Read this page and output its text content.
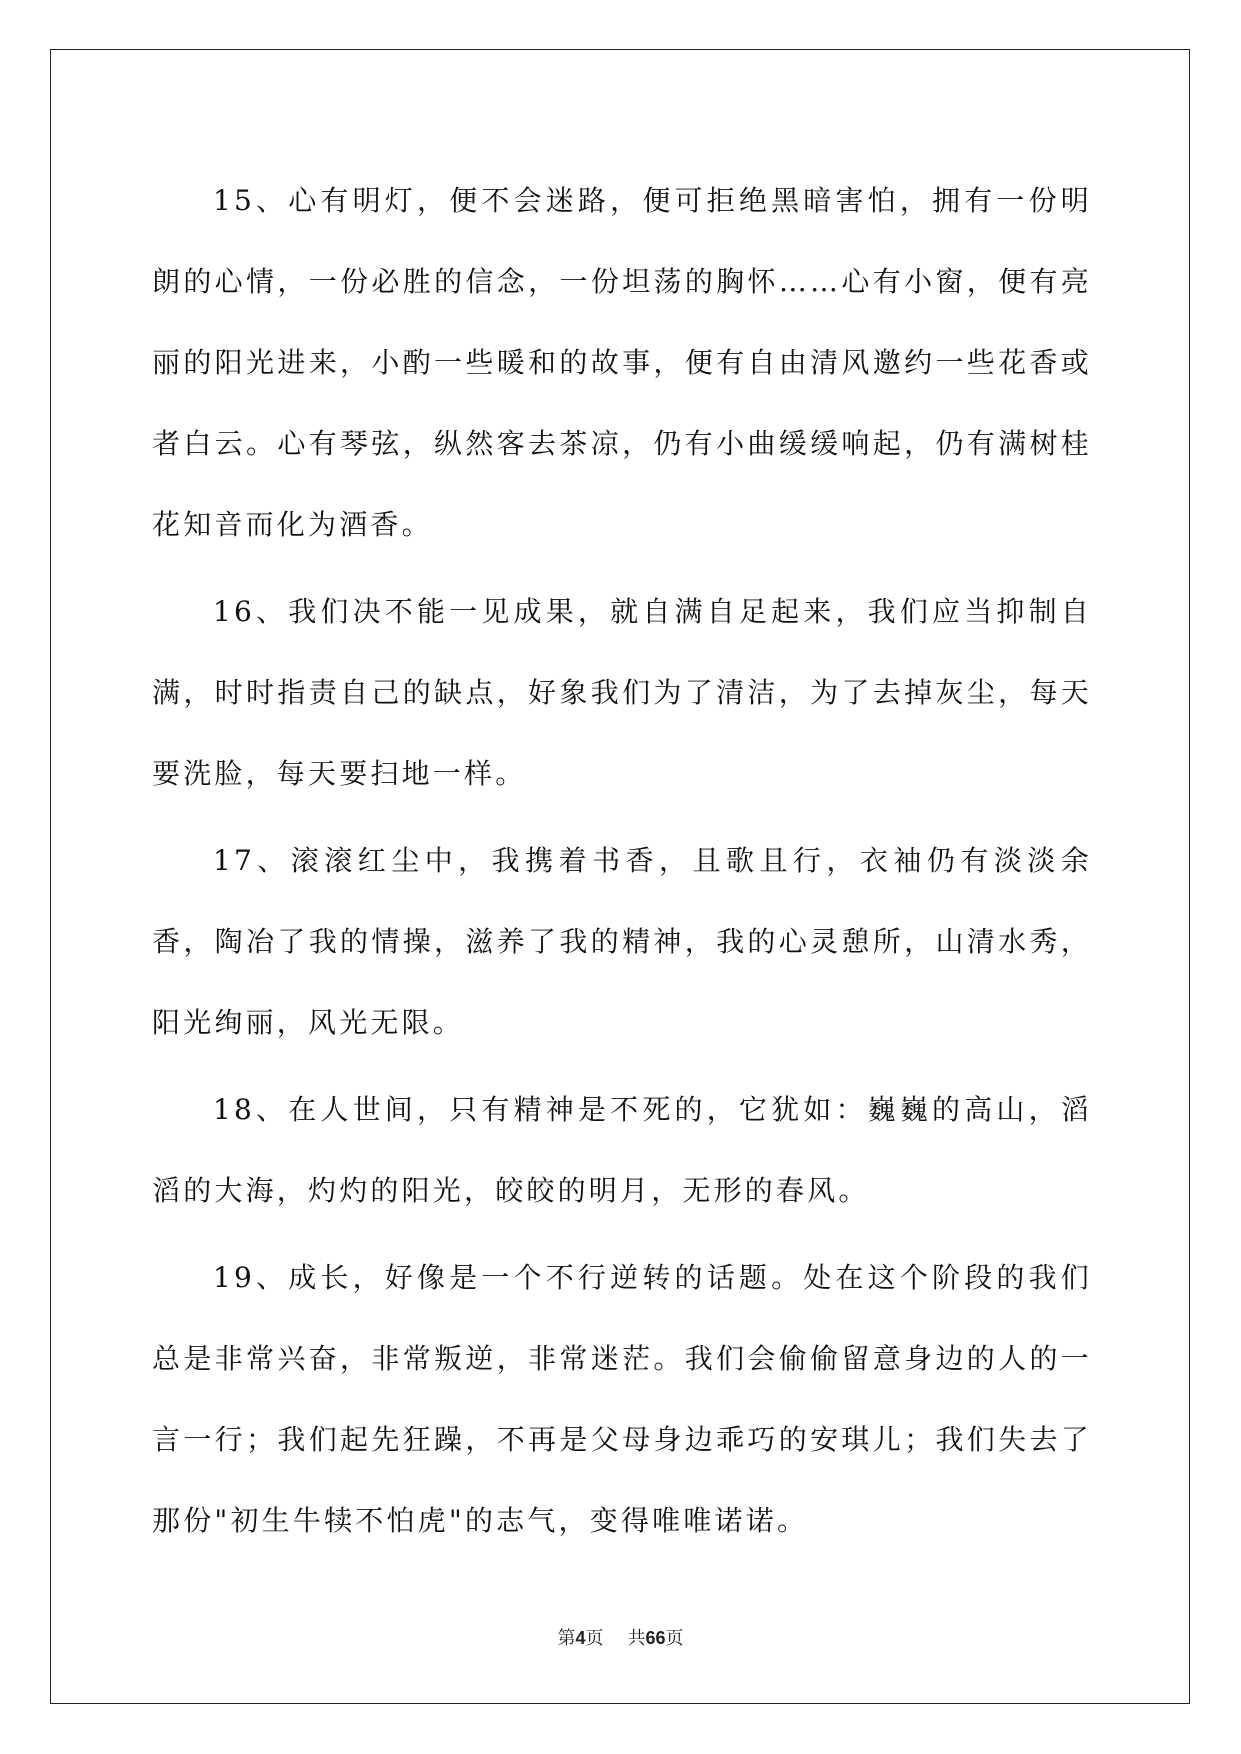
15、心有明灯，便不会迷路，便可拒绝黑暗害怕，拥有一份明朗的心情，一份必胜的信念，一份坦荡的胸怀……心有小窗，便有亮丽的阳光进来，小酌一些暖和的故事，便有自由清风邀约一些花香或者白云。心有琴弦，纵然客去茶凉，仍有小曲缓缓响起，仍有满树桂花知音而化为酒香。

16、我们决不能一见成果，就自满自足起来，我们应当抑制自满，时时指责自己的缺点，好象我们为了清洁，为了去掉灰尘，每天要洗脸，每天要扫地一样。

17、滚滚红尘中，我携着书香，且歌且行，衣袖仍有淡淡余香，陶冶了我的情操，滋养了我的精神，我的心灵憩所，山清水秀，阳光绚丽，风光无限。

18、在人世间，只有精神是不死的，它犹如：巍巍的高山，滔滔的大海，灼灼的阳光，皎皎的明月，无形的春风。

19、成长，好像是一个不行逆转的话题。处在这个阶段的我们总是非常兴奋，非常叛逆，非常迷茫。我们会偷偷留意身边的人的一言一行；我们起先狂躁，不再是父母身边乖巧的安琪儿；我们失去了那份"初生牛犊不怕虎"的志气，变得唯唯诺诺。

第4页 共66页
